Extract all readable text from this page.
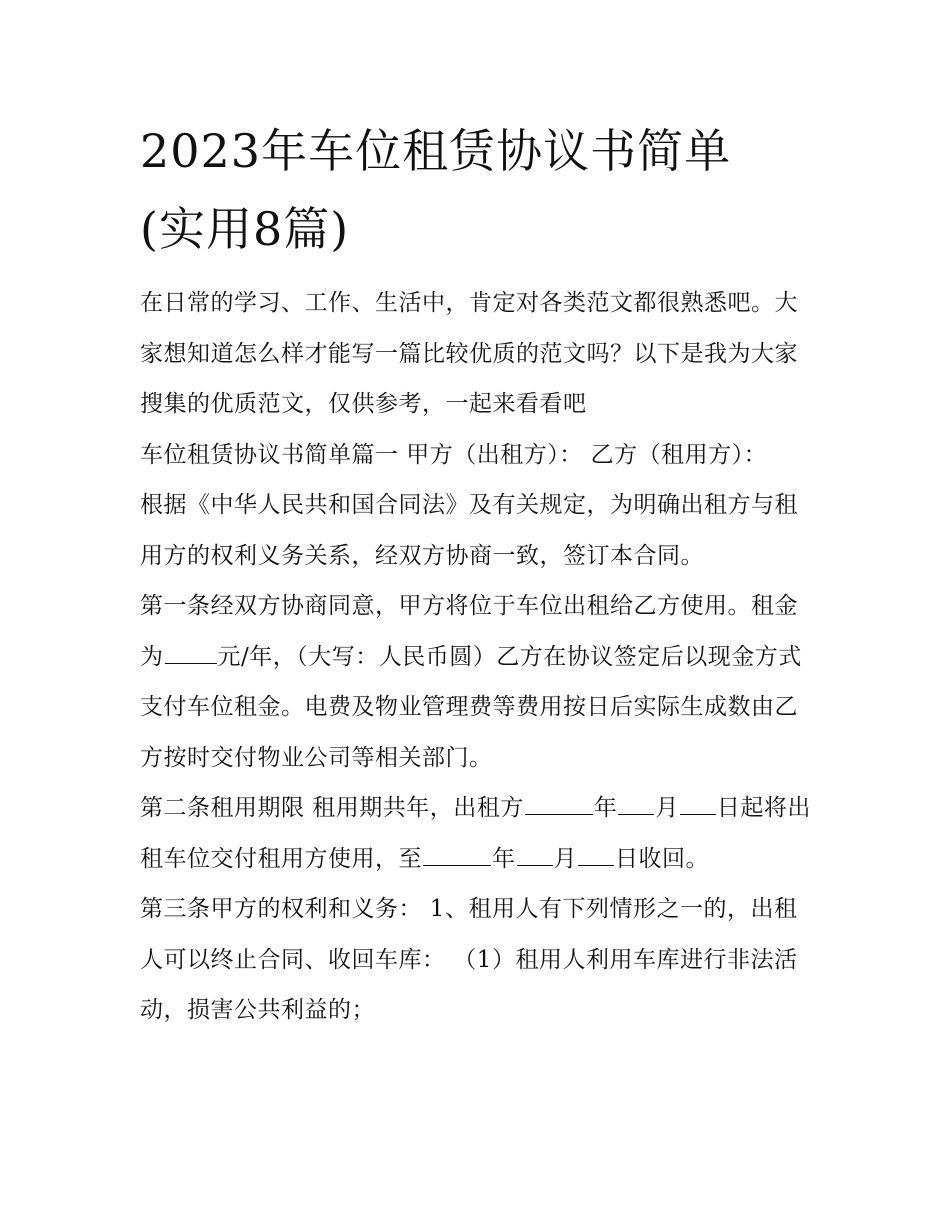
2023年车位租赁协议书简单
(实用8篇)

在日常的学习、工作、生活中，肯定对各类范文都很熟悉吧。大家想知道怎么样才能写一篇比较优质的范文吗？以下是我为大家搜集的优质范文，仅供参考，一起来看看吧

车位租赁协议书简单篇一 甲方（出租方）： 乙方（租用方）：

根据《中华人民共和国合同法》及有关规定，为明确出租方与租用方的权利义务关系，经双方协商一致，签订本合同。

第一条经双方协商同意，甲方将位于车位出租给乙方使用。租金为 元/年，（大写：人民币圆）乙方在协议签定后以现金方式支付车位租金。电费及物业管理费等费用按日后实际生成数由乙方按时交付物业公司等相关部门。

第二条租用期限 租用期共年，出租方	年 月 日起将出租车位交付租用方使用，至	年 月 日收回。

第三条甲方的权利和义务： 1、租用人有下列情形之一的，出租人可以终止合同、收回车库： （1）租用人利用车库进行非法活动，损害公共利益的；
